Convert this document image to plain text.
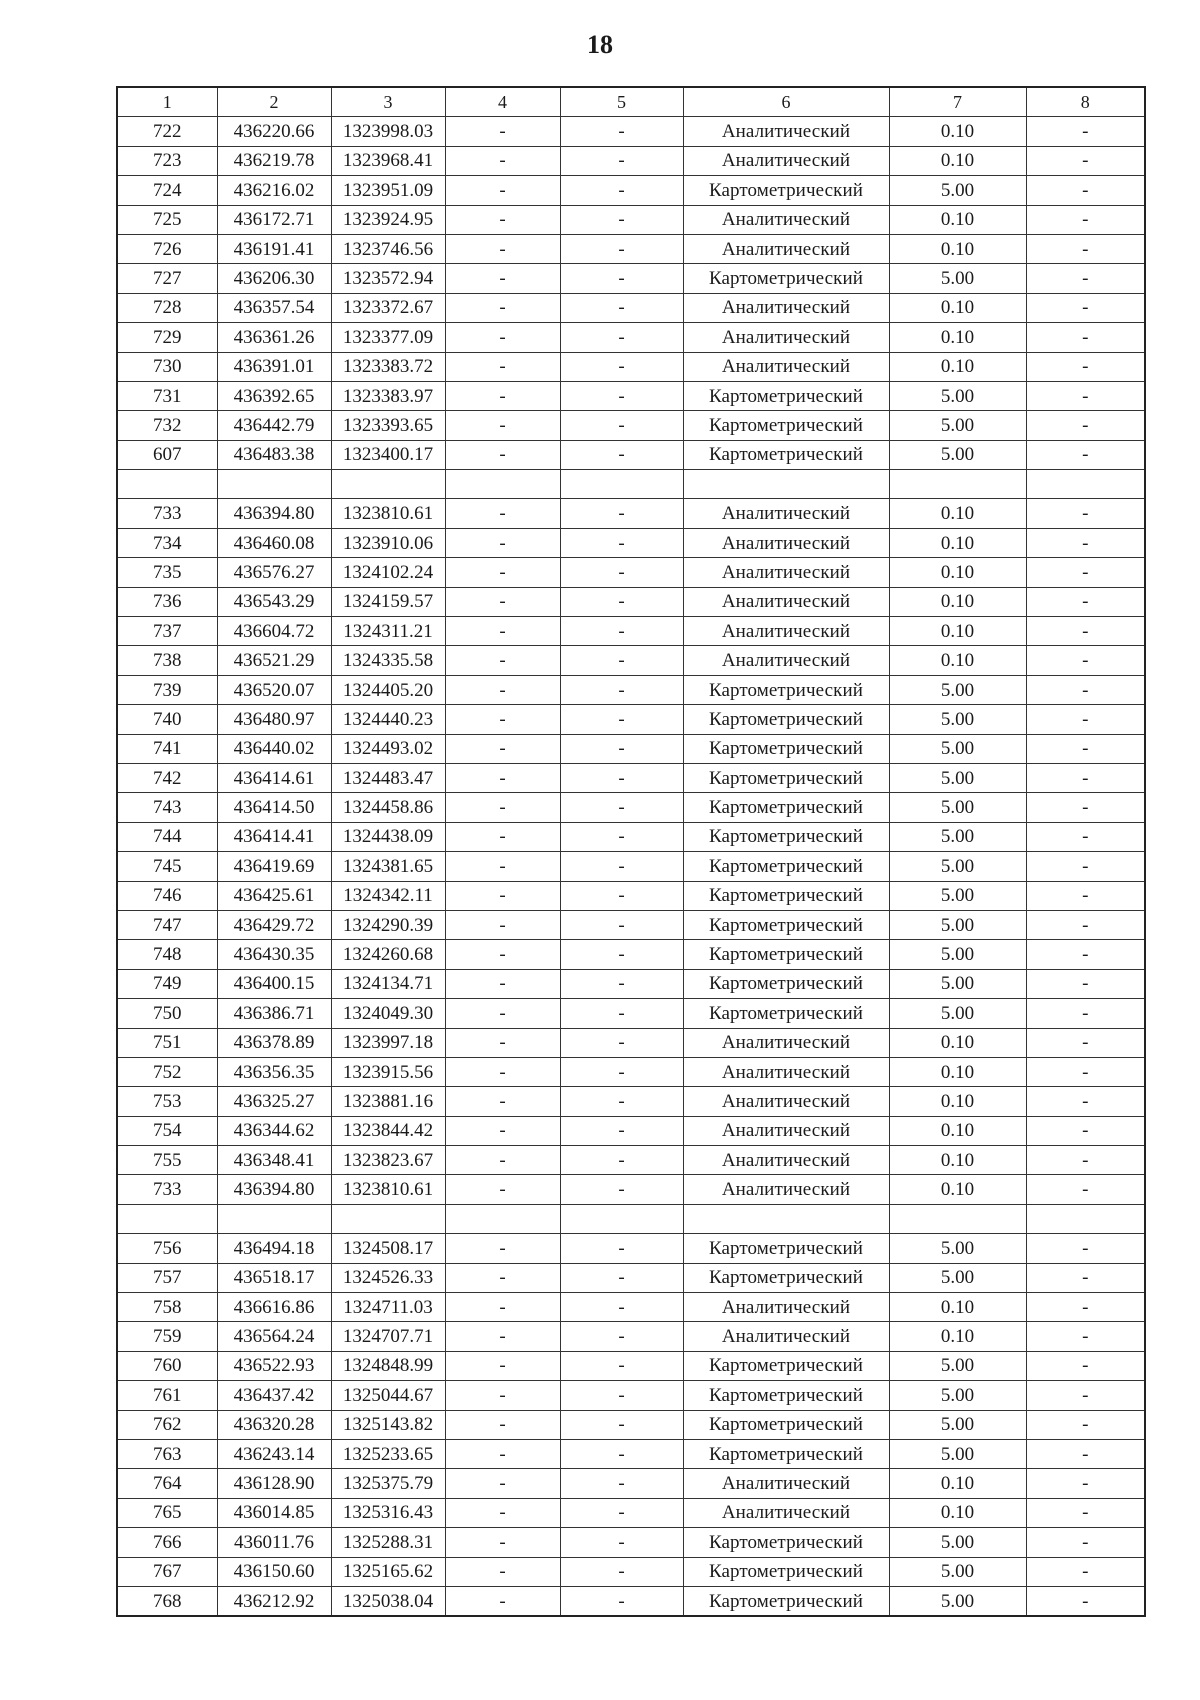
18
1	2	3	4	5	6	7	8
722	436220.66	1323998.03	-	-	Аналитический	0.10	-
723	436219.78	1323968.41	-	-	Аналитический	0.10	-
724	436216.02	1323951.09	-	-	Картометрический	5.00	-
725	436172.71	1323924.95	-	-	Аналитический	0.10	-
726	436191.41	1323746.56	-	-	Аналитический	0.10	-
727	436206.30	1323572.94	-	-	Картометрический	5.00	-
728	436357.54	1323372.67	-	-	Аналитический	0.10	-
729	436361.26	1323377.09	-	-	Аналитический	0.10	-
730	436391.01	1323383.72	-	-	Аналитический	0.10	-
731	436392.65	1323383.97	-	-	Картометрический	5.00	-
732	436442.79	1323393.65	-	-	Картометрический	5.00	-
607	436483.38	1323400.17	-	-	Картометрический	5.00	-

733	436394.80	1323810.61	-	-	Аналитический	0.10	-
734	436460.08	1323910.06	-	-	Аналитический	0.10	-
735	436576.27	1324102.24	-	-	Аналитический	0.10	-
736	436543.29	1324159.57	-	-	Аналитический	0.10	-
737	436604.72	1324311.21	-	-	Аналитический	0.10	-
738	436521.29	1324335.58	-	-	Аналитический	0.10	-
739	436520.07	1324405.20	-	-	Картометрический	5.00	-
740	436480.97	1324440.23	-	-	Картометрический	5.00	-
741	436440.02	1324493.02	-	-	Картометрический	5.00	-
742	436414.61	1324483.47	-	-	Картометрический	5.00	-
743	436414.50	1324458.86	-	-	Картометрический	5.00	-
744	436414.41	1324438.09	-	-	Картометрический	5.00	-
745	436419.69	1324381.65	-	-	Картометрический	5.00	-
746	436425.61	1324342.11	-	-	Картометрический	5.00	-
747	436429.72	1324290.39	-	-	Картометрический	5.00	-
748	436430.35	1324260.68	-	-	Картометрический	5.00	-
749	436400.15	1324134.71	-	-	Картометрический	5.00	-
750	436386.71	1324049.30	-	-	Картометрический	5.00	-
751	436378.89	1323997.18	-	-	Аналитический	0.10	-
752	436356.35	1323915.56	-	-	Аналитический	0.10	-
753	436325.27	1323881.16	-	-	Аналитический	0.10	-
754	436344.62	1323844.42	-	-	Аналитический	0.10	-
755	436348.41	1323823.67	-	-	Аналитический	0.10	-
733	436394.80	1323810.61	-	-	Аналитический	0.10	-

756	436494.18	1324508.17	-	-	Картометрический	5.00	-
757	436518.17	1324526.33	-	-	Картометрический	5.00	-
758	436616.86	1324711.03	-	-	Аналитический	0.10	-
759	436564.24	1324707.71	-	-	Аналитический	0.10	-
760	436522.93	1324848.99	-	-	Картометрический	5.00	-
761	436437.42	1325044.67	-	-	Картометрический	5.00	-
762	436320.28	1325143.82	-	-	Картометрический	5.00	-
763	436243.14	1325233.65	-	-	Картометрический	5.00	-
764	436128.90	1325375.79	-	-	Аналитический	0.10	-
765	436014.85	1325316.43	-	-	Аналитический	0.10	-
766	436011.76	1325288.31	-	-	Картометрический	5.00	-
767	436150.60	1325165.62	-	-	Картометрический	5.00	-
768	436212.92	1325038.04	-	-	Картометрический	5.00	-
